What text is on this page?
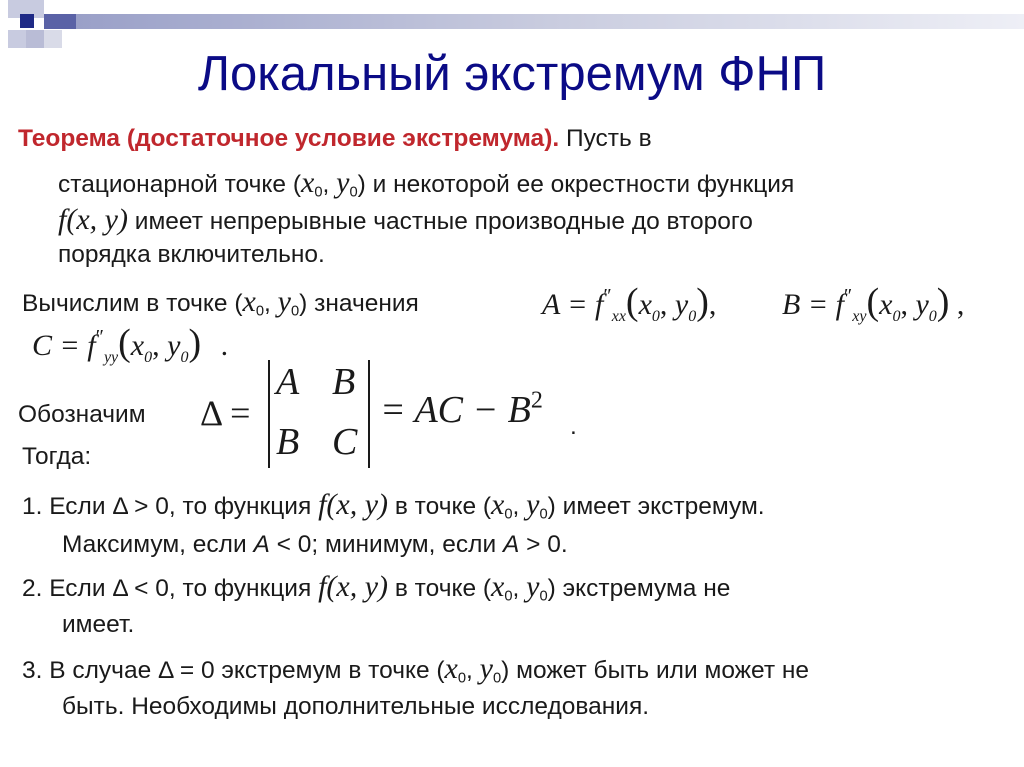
Локальный экстремум ФНП
Теорема (достаточное условие экстремума). Пусть в
стационарной точке ($x_0$, $y_0$) и некоторой ее окрестности функция
f(x, y) имеет непрерывные частные производные до второго
порядка включительно.
Вычислим в точке ($x_0$, $y_0$) значения	$A = f''_{xx}(x_0$, $y_0$), $B = f''_{xy}(x_0$, $y_0$) ,
$C = f''_{yy}(x_0$, $y_0$) .
Обозначим Δ =
A B
B C
= AC − $B^2$
.
Тогда:
1. Если Δ > 0, то функция f(x, y) в точке ($x_0$, $y_0$) имеет экстремум.
Максимум, если A < 0; минимум, если A > 0.
2. Если Δ < 0, то функция f(x, y) в точке ($x_0$, $y_0$) экстремума не
имеет.
3. В случае Δ = 0 экстремум в точке ($x_0$, $y_0$) может быть или может не
быть. Необходимы дополнительные исследования.
